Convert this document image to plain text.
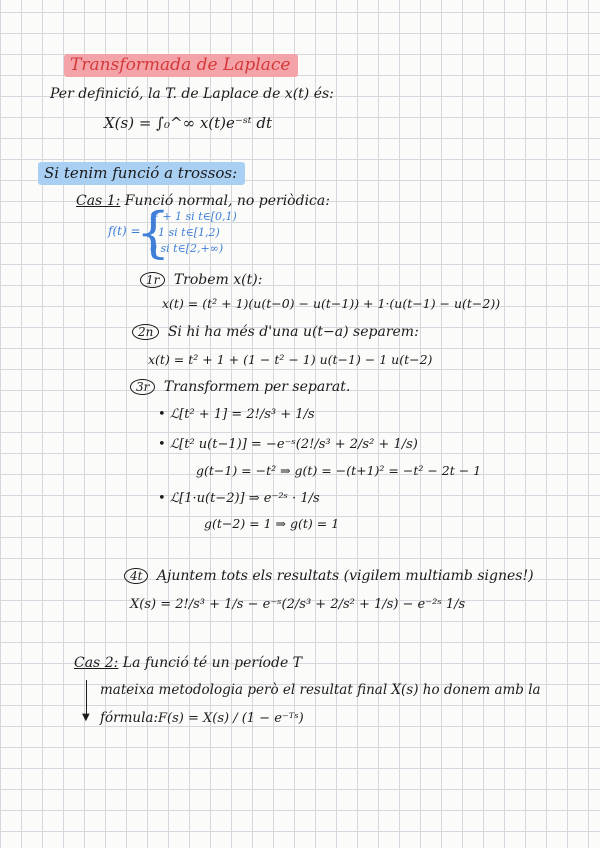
Transformada de Laplace
Per definició, la T. de Laplace de x(t) és:
X(s) = ∫₀^∞ x(t)e⁻ˢᵗ dt
Si tenim funció a trossos:
Cas 1: Funció normal, no periòdica:
f(t) =
{
t² + 1 si t∈[0,1)
1 si t∈[1,2)
0 si t∈[2,+∞)
1r Trobem x(t):
x(t) = (t² + 1)(u(t−0) − u(t−1)) + 1·(u(t−1) − u(t−2))
2n Si hi ha més d'una u(t−a) separem:
x(t) = t² + 1 + (1 − t² − 1) u(t−1) − 1 u(t−2)
3r Transformem per separat.
• ℒ[t² + 1] = 2!/s³ + 1/s
• ℒ[t² u(t−1)] = −e⁻ˢ(2!/s³ + 2/s² + 1/s)
g(t−1) = −t² ⇒ g(t) = −(t+1)² = −t² − 2t − 1
• ℒ[1·u(t−2)] ⇒ e⁻²ˢ · 1/s
g(t−2) = 1 ⇒ g(t) = 1
4t Ajuntem tots els resultats (vigilem multiamb signes!)
X(s) = 2!/s³ + 1/s − e⁻ˢ(2/s³ + 2/s² + 1/s) − e⁻²ˢ 1/s
Cas 2: La funció té un període T
▼
mateixa metodologia però el resultat final X(s) ho donem amb la
fórmula: F(s) = X(s) / (1 − e⁻ᵀˢ)
